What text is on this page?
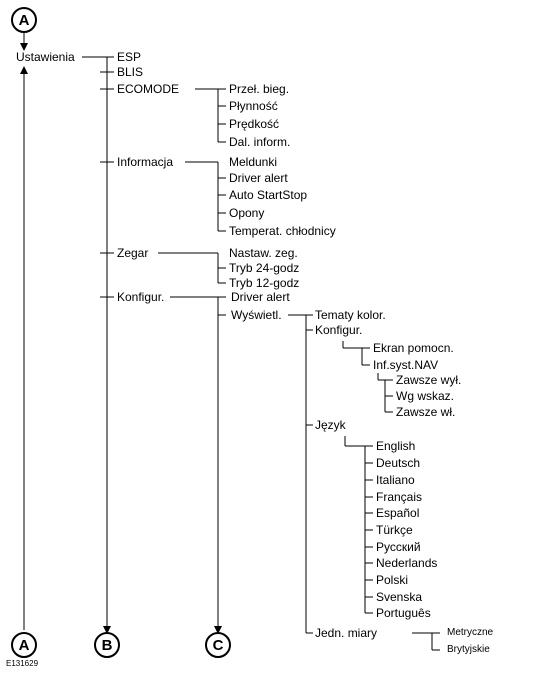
A
A	B	C
E131629
Ustawienia	ESP
BLIS
ECOMODE
Informacja
Zegar
Konfigur.
Przeł. bieg.
Płynność
Prędkość
Dal. inform.
Meldunki
Driver alert
Auto StartStop
Opony
Temperat. chłodnicy
Nastaw. zeg.
Tryb 24-godz
Tryb 12-godz
Driver alert
Wyświetl.	Tematy kolor.
Konfigur.
Język
Jedn. miary
Ekran pomocn.
Inf.syst.NAV
Zawsze wył.
Wg wskaz.
Zawsze wł.
English
Deutsch
Italiano
Français
Español
Türkçe
Русский
Nederlands
Polski
Svenska
Português
Metryczne
Brytyjskie
